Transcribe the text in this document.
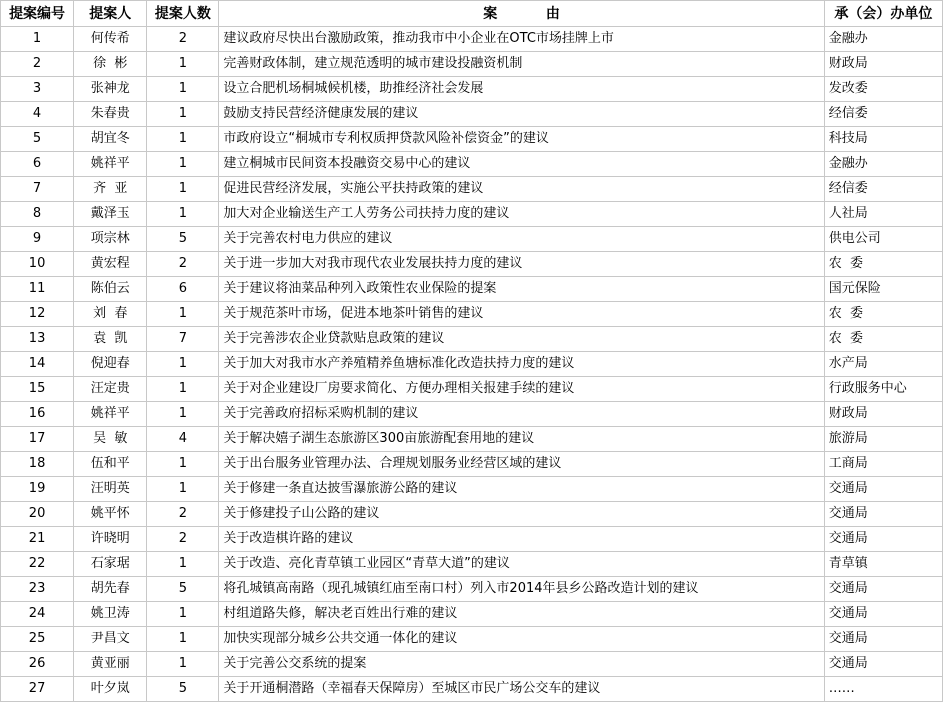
提案编号	提案人	提案人数	案          由	承（会）办单位
1	何传希	2	建议政府尽快出台激励政策，推动我市中小企业在OTC市场挂牌上市	金融办
2	徐  彬	1	完善财政体制，建立规范透明的城市建设投融资机制	财政局
3	张神龙	1	设立合肥机场桐城候机楼，助推经济社会发展	发改委
4	朱春贵	1	鼓励支持民营经济健康发展的建议	经信委
5	胡宜冬	1	市政府设立“桐城市专利权质押贷款风险补偿资金”的建议	科技局
6	姚祥平	1	建立桐城市民间资本投融资交易中心的建议	金融办
7	齐  亚	1	促进民营经济发展，实施公平扶持政策的建议	经信委
8	戴泽玉	1	加大对企业输送生产工人劳务公司扶持力度的建议	人社局
9	项宗林	5	关于完善农村电力供应的建议	供电公司
10	黄宏程	2	关于进一步加大对我市现代农业发展扶持力度的建议	农  委
11	陈伯云	6	关于建议将油菜品种列入政策性农业保险的提案	国元保险
12	刘  春	1	关于规范茶叶市场，促进本地茶叶销售的建议	农  委
13	袁  凯	7	关于完善涉农企业贷款贴息政策的建议	农  委
14	倪迎春	1	关于加大对我市水产养殖精养鱼塘标准化改造扶持力度的建议	水产局
15	汪定贵	1	关于对企业建设厂房要求简化、方便办理相关报建手续的建议	行政服务中心
16	姚祥平	1	关于完善政府招标采购机制的建议	财政局
17	吴  敏	4	关于解决嬉子湖生态旅游区300亩旅游配套用地的建议	旅游局
18	伍和平	1	关于出台服务业管理办法、合理规划服务业经营区域的建议	工商局
19	汪明英	1	关于修建一条直达披雪瀑旅游公路的建议	交通局
20	姚平怀	2	关于修建投子山公路的建议	交通局
21	许晓明	2	关于改造棋许路的建议	交通局
22	石家琚	1	关于改造、亮化青草镇工业园区“青草大道”的建议	青草镇
23	胡先春	5	将孔城镇高南路（现孔城镇红庙至南口村）列入市2014年县乡公路改造计划的建议	交通局
24	姚卫涛	1	村组道路失修，解决老百姓出行难的建议	交通局
25	尹昌文	1	加快实现部分城乡公共交通一体化的建议	交通局
26	黄亚丽	1	关于完善公交系统的提案	交通局
27	叶夕岚	5	关于开通桐潜路（幸福春天保障房）至城区市民广场公交车的建议	……
